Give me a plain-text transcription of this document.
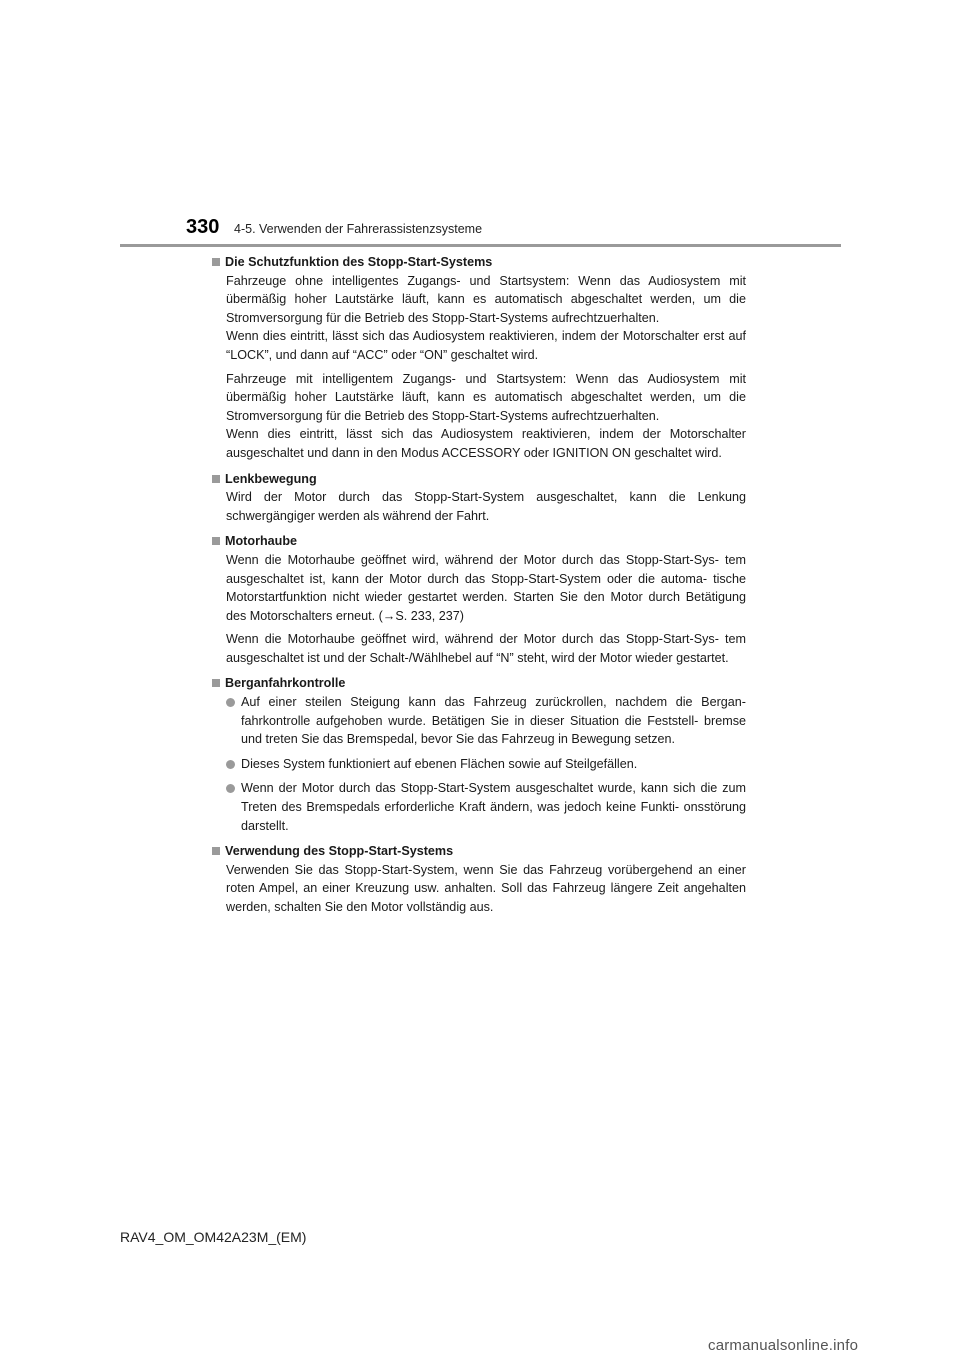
330 4-5. Verwenden der Fahrerassistenzsysteme
Die Schutzfunktion des Stopp-Start-Systems

Fahrzeuge ohne intelligentes Zugangs- und Startsystem: Wenn das Audiosystem mit übermäßig hoher Lautstärke läuft, kann es automatisch abgeschaltet werden, um die Stromversorgung für die Betrieb des Stopp-Start-Systems aufrechtzuerhalten.

Wenn dies eintritt, lässt sich das Audiosystem reaktivieren, indem der Motorschalter erst auf “LOCK”, und dann auf “ACC” oder “ON” geschaltet wird.

Fahrzeuge mit intelligentem Zugangs- und Startsystem: Wenn das Audiosystem mit übermäßig hoher Lautstärke läuft, kann es automatisch abgeschaltet werden, um die Stromversorgung für die Betrieb des Stopp-Start-Systems aufrechtzuerhalten.

Wenn dies eintritt, lässt sich das Audiosystem reaktivieren, indem der Motorschalter ausgeschaltet und dann in den Modus ACCESSORY oder IGNITION ON geschaltet wird.

Lenkbewegung

Wird der Motor durch das Stopp-Start-System ausgeschaltet, kann die Lenkung schwergängiger werden als während der Fahrt.

Motorhaube

Wenn die Motorhaube geöffnet wird, während der Motor durch das Stopp-Start-Sys- tem ausgeschaltet ist, kann der Motor durch das Stopp-Start-System oder die automa- tische Motorstartfunktion nicht wieder gestartet werden. Starten Sie den Motor durch Betätigung des Motorschalters erneut. (→S. 233, 237)

Wenn die Motorhaube geöffnet wird, während der Motor durch das Stopp-Start-Sys- tem ausgeschaltet ist und der Schalt-/Wählhebel auf “N” steht, wird der Motor wieder gestartet.

Berganfahrkontrolle
Auf einer steilen Steigung kann das Fahrzeug zurückrollen, nachdem die Bergan- fahrkontrolle aufgehoben wurde. Betätigen Sie in dieser Situation die Feststell- bremse und treten Sie das Bremspedal, bevor Sie das Fahrzeug in Bewegung setzen.
Dieses System funktioniert auf ebenen Flächen sowie auf Steilgefällen.
Wenn der Motor durch das Stopp-Start-System ausgeschaltet wurde, kann sich die zum Treten des Bremspedals erforderliche Kraft ändern, was jedoch keine Funkti- onsstörung darstellt.
Verwendung des Stopp-Start-Systems

Verwenden Sie das Stopp-Start-System, wenn Sie das Fahrzeug vorübergehend an einer roten Ampel, an einer Kreuzung usw. anhalten. Soll das Fahrzeug längere Zeit angehalten werden, schalten Sie den Motor vollständig aus.

RAV4_OM_OM42A23M_(EM)
carmanualsonline.info
